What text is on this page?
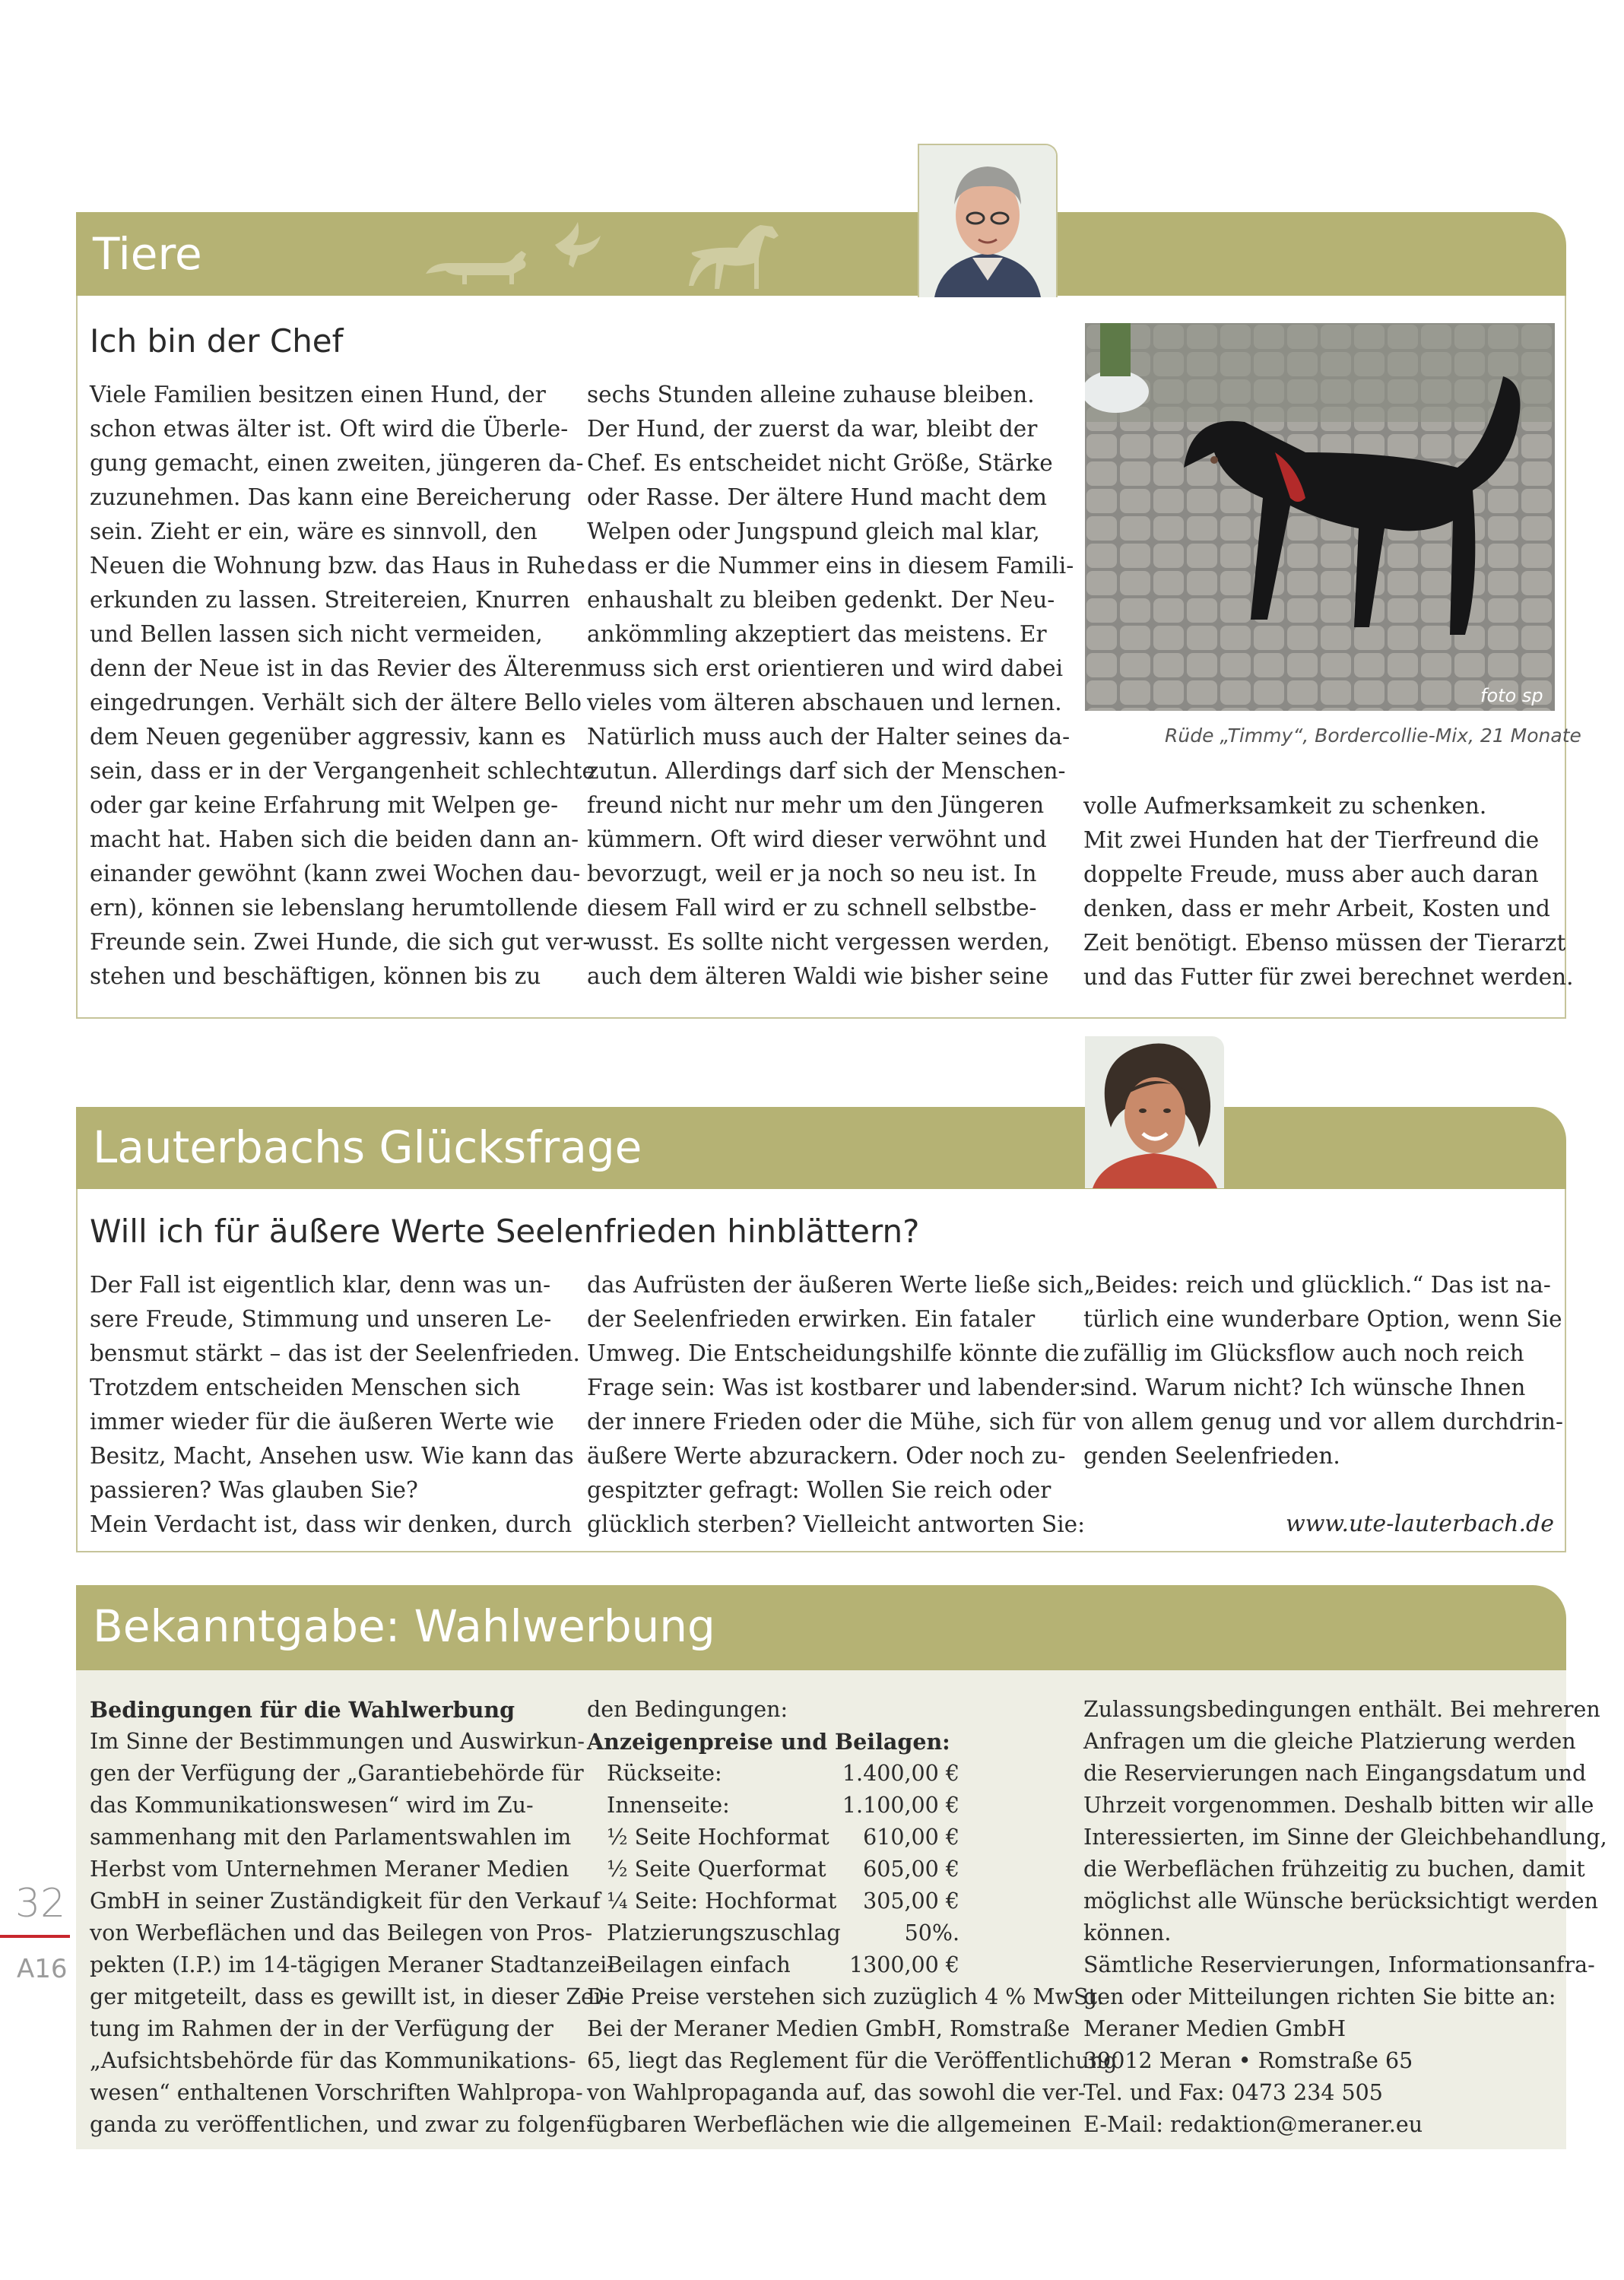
Tiere
Ich bin der Chef
Viele Familien besitzen einen Hund, der
schon etwas älter ist. Oft wird die Überle-
gung gemacht, einen zweiten, jüngeren da-
zuzunehmen. Das kann eine Bereicherung
sein. Zieht er ein, wäre es sinnvoll, den
Neuen die Wohnung bzw. das Haus in Ruhe
erkunden zu lassen. Streitereien, Knurren
und Bellen lassen sich nicht vermeiden,
denn der Neue ist in das Revier des Älteren
eingedrungen. Verhält sich der ältere Bello
dem Neuen gegenüber aggressiv, kann es
sein, dass er in der Vergangenheit schlechte
oder gar keine Erfahrung mit Welpen ge-
macht hat. Haben sich die beiden dann an-
einander gewöhnt (kann zwei Wochen dau-
ern), können sie lebenslang herumtollende
Freunde sein. Zwei Hunde, die sich gut ver-
stehen und beschäftigen, können bis zu
sechs Stunden alleine zuhause bleiben.
Der Hund, der zuerst da war, bleibt der
Chef. Es entscheidet nicht Größe, Stärke
oder Rasse. Der ältere Hund macht dem
Welpen oder Jungspund gleich mal klar,
dass er die Nummer eins in diesem Famili-
enhaushalt zu bleiben gedenkt. Der Neu-
ankömmling akzeptiert das meistens. Er
muss sich erst orientieren und wird dabei
vieles vom älteren abschauen und lernen.
Natürlich muss auch der Halter seines da-
zutun. Allerdings darf sich der Menschen-
freund nicht nur mehr um den Jüngeren
kümmern. Oft wird dieser verwöhnt und
bevorzugt, weil er ja noch so neu ist. In
diesem Fall wird er zu schnell selbstbe-
wusst. Es sollte nicht vergessen werden,
auch dem älteren Waldi wie bisher seine
volle Aufmerksamkeit zu schenken.
Mit zwei Hunden hat der Tierfreund die
doppelte Freude, muss aber auch daran
denken, dass er mehr Arbeit, Kosten und
Zeit benötigt. Ebenso müssen der Tierarzt
und das Futter für zwei berechnet werden.
foto sp
Rüde „Timmy“, Bordercollie-Mix, 21 Monate
Lauterbachs Glücksfrage
Will ich für äußere Werte Seelenfrieden hinblättern?
Der Fall ist eigentlich klar, denn was un-
sere Freude, Stimmung und unseren Le-
bensmut stärkt – das ist der Seelenfrieden.
Trotzdem entscheiden Menschen sich
immer wieder für die äußeren Werte wie
Besitz, Macht, Ansehen usw. Wie kann das
passieren? Was glauben Sie?
Mein Verdacht ist, dass wir denken, durch
das Aufrüsten der äußeren Werte ließe sich
der Seelenfrieden erwirken. Ein fataler
Umweg. Die Entscheidungshilfe könnte die
Frage sein: Was ist kostbarer und labender:
der innere Frieden oder die Mühe, sich für
äußere Werte abzurackern. Oder noch zu-
gespitzter gefragt: Wollen Sie reich oder
glücklich sterben? Vielleicht antworten Sie:
„Beides: reich und glücklich.“ Das ist na-
türlich eine wunderbare Option, wenn Sie
zufällig im Glücksflow auch noch reich
sind. Warum nicht? Ich wünsche Ihnen
von allem genug und vor allem durchdrin-
genden Seelenfrieden.
www.ute-lauterbach.de
Bekanntgabe: Wahlwerbung
Bedingungen für die Wahlwerbung
Im Sinne der Bestimmungen und Auswirkun-
gen der Verfügung der „Garantiebehörde für
das Kommunikationswesen“ wird im Zu-
sammenhang mit den Parlamentswahlen im
Herbst vom Unternehmen Meraner Medien
GmbH in seiner Zuständigkeit für den Verkauf
von Werbeflächen und das Beilegen von Pros-
pekten (I.P.) im 14-tägigen Meraner Stadtanzei-
ger mitgeteilt, dass es gewillt ist, in dieser Zei-
tung im Rahmen der in der Verfügung der
„Aufsichtsbehörde für das Kommunikations-
wesen“ enthaltenen Vorschriften Wahlpropa-
ganda zu veröffentlichen, und zwar zu folgen-
den Bedingungen:
Anzeigenpreise und Beilagen:
Rückseite:	1.400,00 €
Innenseite:	1.100,00 €
½ Seite Hochformat 610,00 €
½ Seite Querformat 605,00 €
¼ Seite: Hochformat 305,00 €
Platzierungszuschlag	50%.
Beilagen einfach	1300,00 €
Die Preise verstehen sich zuzüglich 4 % MwSt.
Bei der Meraner Medien GmbH, Romstraße
65, liegt das Reglement für die Veröffentlichung
von Wahlpropaganda auf, das sowohl die ver-
fügbaren Werbeflächen wie die allgemeinen
Zulassungsbedingungen enthält. Bei mehreren
Anfragen um die gleiche Platzierung werden
die Reservierungen nach Eingangsdatum und
Uhrzeit vorgenommen. Deshalb bitten wir alle
Interessierten, im Sinne der Gleichbehandlung,
die Werbeflächen frühzeitig zu buchen, damit
möglichst alle Wünsche berücksichtigt werden
können.
Sämtliche Reservierungen, Informationsanfra-
gen oder Mitteilungen richten Sie bitte an:
Meraner Medien GmbH
39012 Meran • Romstraße 65
Tel. und Fax: 0473 234 505
E-Mail: redaktion@meraner.eu
32
A16
